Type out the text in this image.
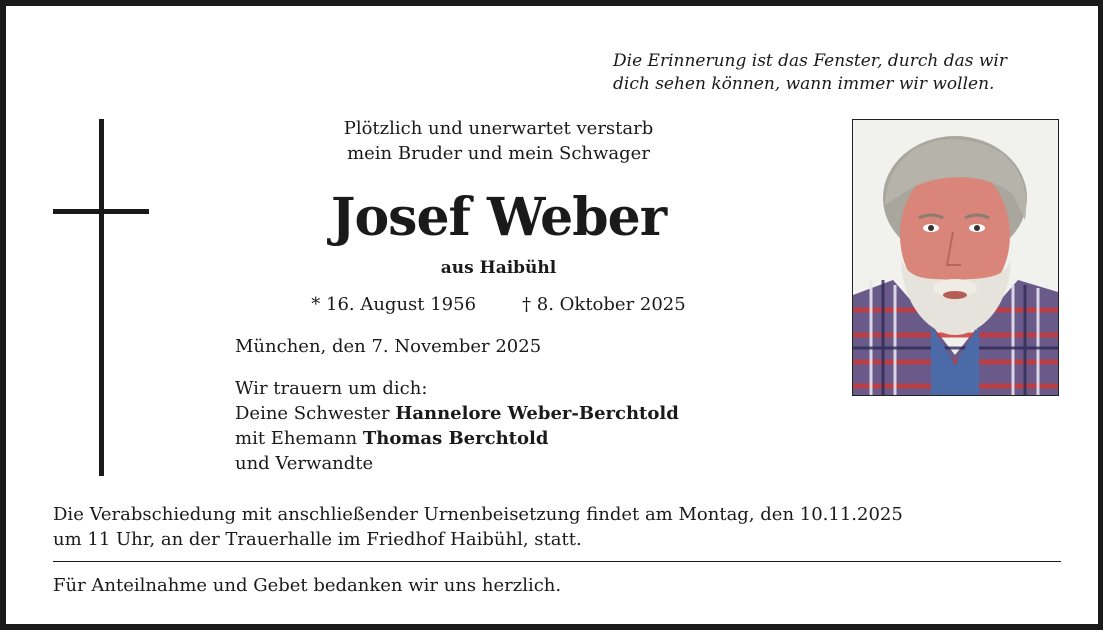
Die Erinnerung ist das Fenster, durch das wir
dich sehen können, wann immer wir wollen.
Plötzlich und unerwartet verstarb
mein Bruder und mein Schwager
Josef Weber
aus Haibühl
* 16. August 1956	† 8. Oktober 2025
München, den 7. November 2025
Wir trauern um dich:
Deine Schwester Hannelore Weber-Berchtold
mit Ehemann Thomas Berchtold
und Verwandte
Die Verabschiedung mit anschließender Urnenbeisetzung findet am Montag, den 10.11.2025
um 11 Uhr, an der Trauerhalle im Friedhof Haibühl, statt.
Für Anteilnahme und Gebet bedanken wir uns herzlich.
